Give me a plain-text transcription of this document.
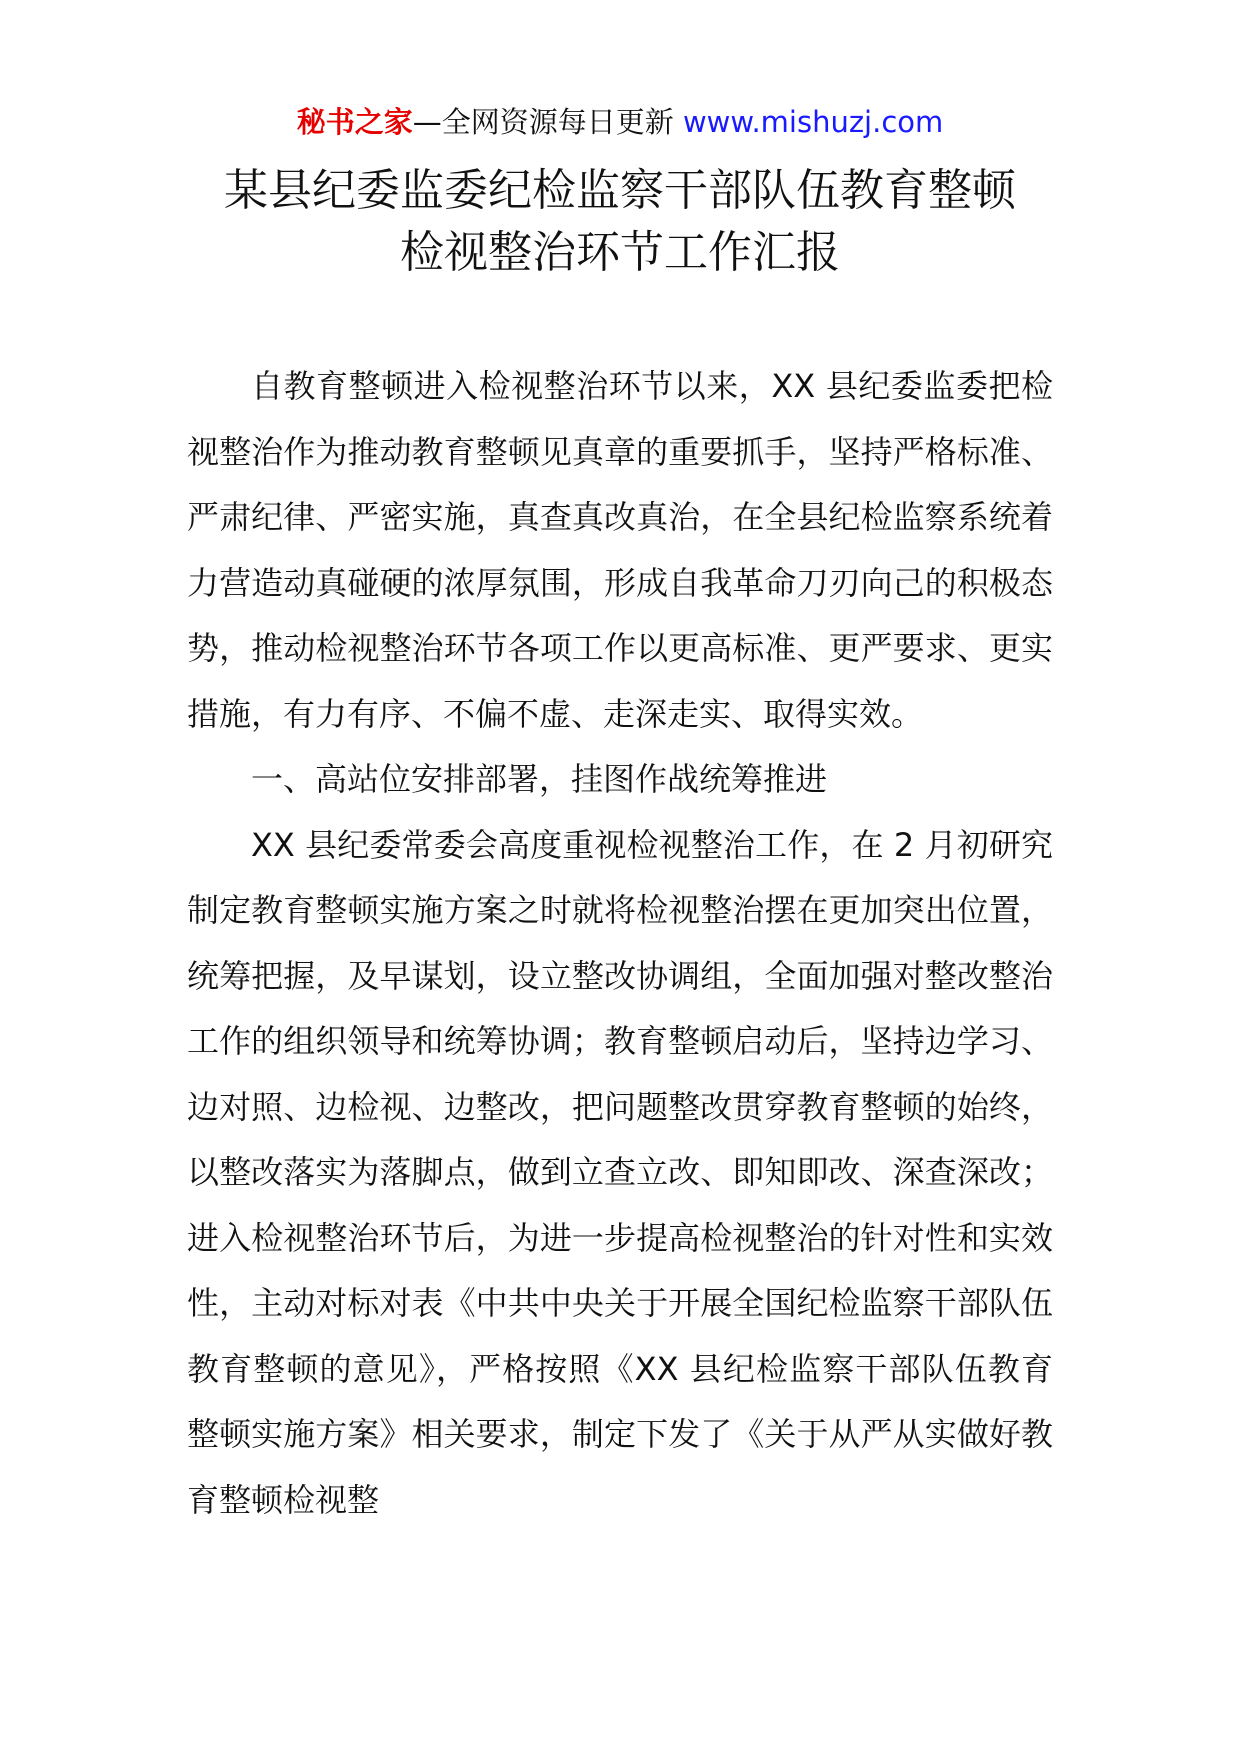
秘书之家—全网资源每日更新 www.mishuzj.com
某县纪委监委纪检监察干部队伍教育整顿
检视整治环节工作汇报

自教育整顿进入检视整治环节以来，XX 县纪委监委把检视整治作为推动教育整顿见真章的重要抓手，坚持严格标准、严肃纪律、严密实施，真查真改真治，在全县纪检监察系统着力营造动真碰硬的浓厚氛围，形成自我革命刀刃向己的积极态势，推动检视整治环节各项工作以更高标准、更严要求、更实措施，有力有序、不偏不虚、走深走实、取得实效。

一、高站位安排部署，挂图作战统筹推进

XX 县纪委常委会高度重视检视整治工作，在 2 月初研究制定教育整顿实施方案之时就将检视整治摆在更加突出位置，统筹把握，及早谋划，设立整改协调组，全面加强对整改整治工作的组织领导和统筹协调；教育整顿启动后，坚持边学习、边对照、边检视、边整改，把问题整改贯穿教育整顿的始终，以整改落实为落脚点，做到立查立改、即知即改、深查深改；进入检视整治环节后，为进一步提高检视整治的针对性和实效性，主动对标对表《中共中央关于开展全国纪检监察干部队伍教育整顿的意见》，严格按照《XX 县纪检监察干部队伍教育整顿实施方案》相关要求，制定下发了《关于从严从实做好教育整顿检视整
